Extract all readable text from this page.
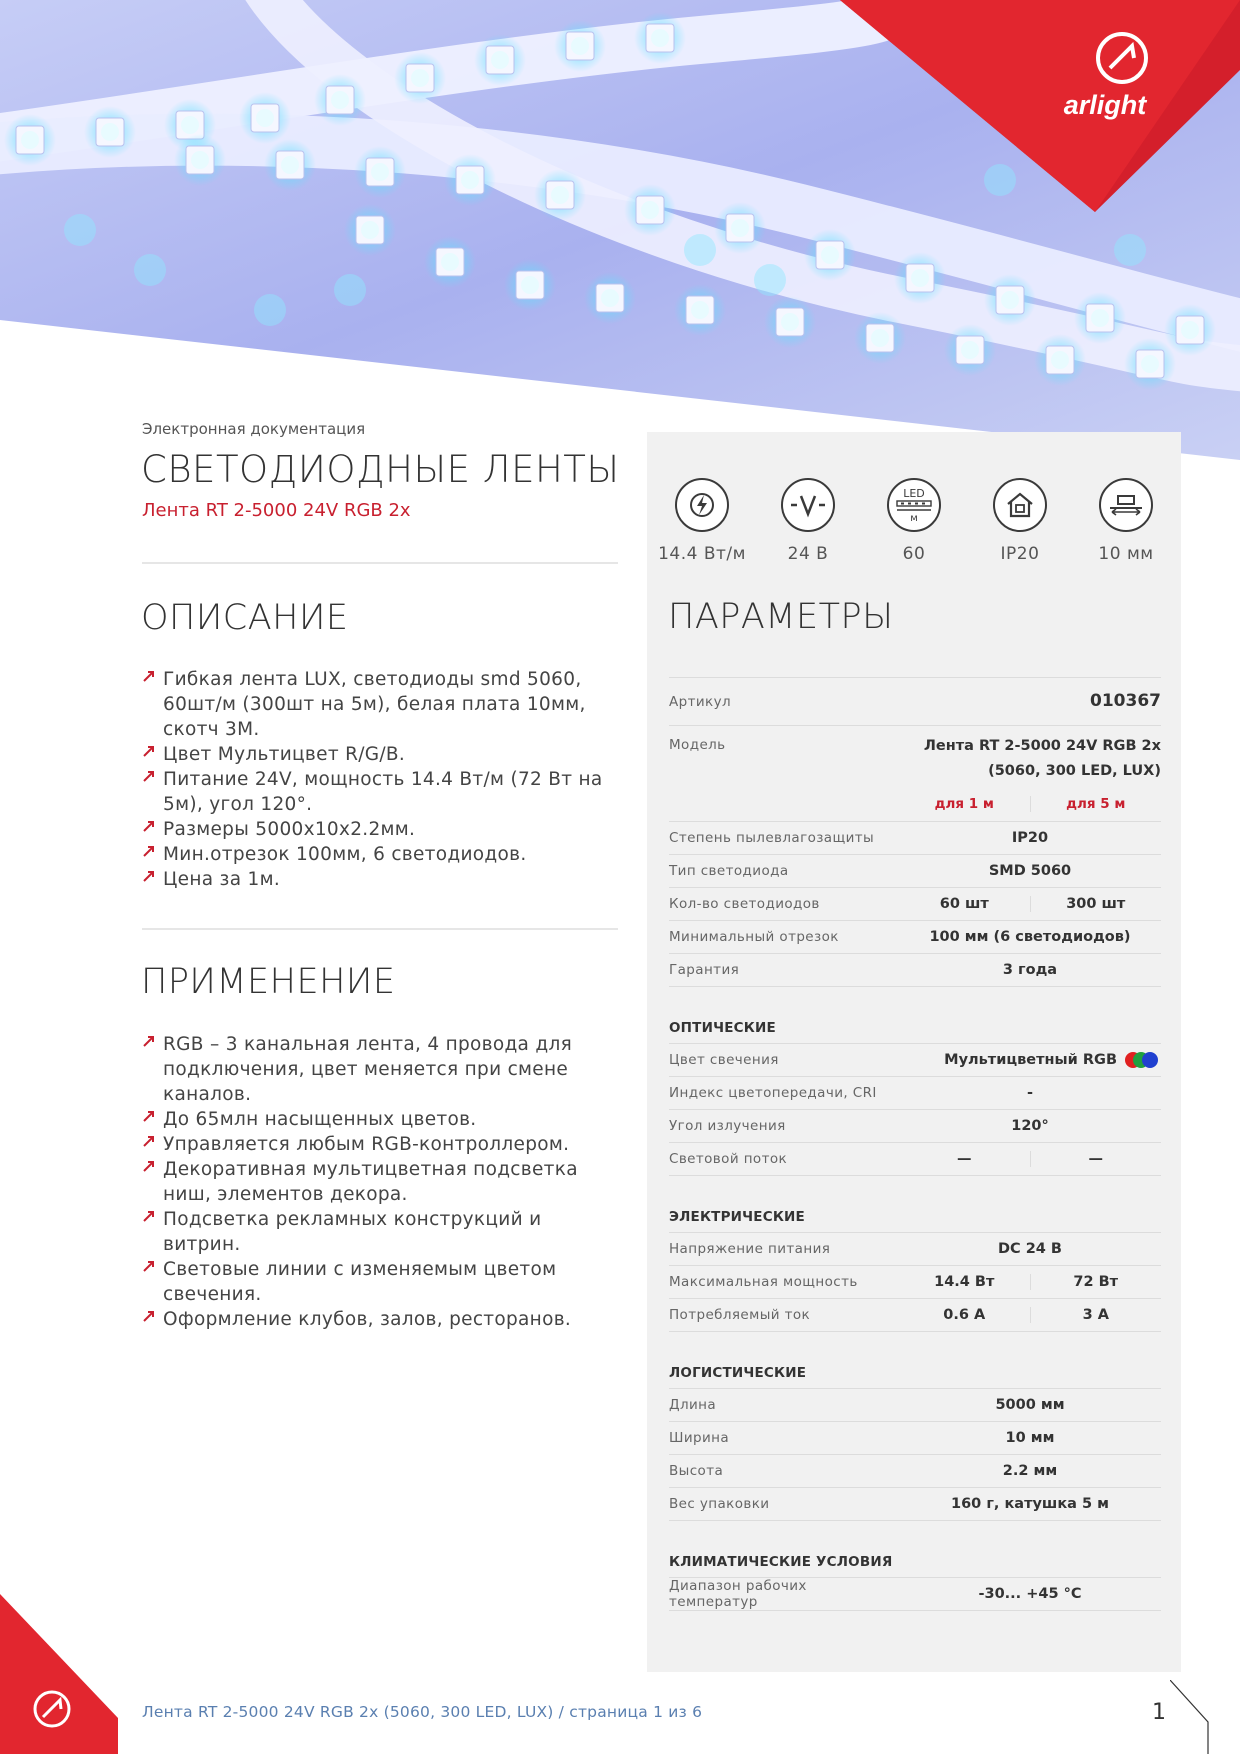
arlight
Электронная документация
СВЕТОДИОДНЫЕ ЛЕНТЫ
Лента RT 2-5000 24V RGB 2x
ОПИСАНИЕ
Гибкая лента LUX, светодиоды smd 5060, 60шт/м (300шт на 5м), белая плата 10мм, скотч 3М.
Цвет Мультицвет R/G/B.
Питание 24V, мощность 14.4 Вт/м (72 Вт на 5м), угол 120°.
Размеры 5000x10x2.2мм.
Мин.отрезок 100мм, 6 светодиодов.
Цена за 1м.
ПРИМЕНЕНИЕ
RGB – 3 канальная лента, 4 провода для подключения, цвет меняется при смене каналов.
До 65млн насыщенных цветов.
Управляется любым RGB-контроллером.
Декоративная мультицветная подсветка ниш, элементов декора.
Подсветка рекламных конструкций и витрин.
Световые линии с изменяемым цветом свечения.
Оформление клубов, залов, ресторанов.
14.4 Вт/м	24 В
LED
м
60	IP20	10 мм
ПАРАМЕТРЫ
Артикул	010367
Модель	Лента RT 2-5000 24V RGB 2x
(5060, 300 LED, LUX)
для 1 м	для 5 м
Степень пылевлагозащиты	IP20
Тип светодиода	SMD 5060
Кол-во светодиодов	60 шт	300 шт
Минимальный отрезок	100 мм (6 светодиодов)
Гарантия	3 года
ОПТИЧЕСКИЕ
Цвет свечения	Мультицветный RGB
Индекс цветопередачи, CRI	-
Угол излучения	120°
Световой поток	—	—
ЭЛЕКТРИЧЕСКИЕ
Напряжение питания	DC 24 В
Максимальная мощность	14.4 Вт	72 Вт
Потребляемый ток	0.6 А	3 А
ЛОГИСТИЧЕСКИЕ
Длина	5000 мм
Ширина	10 мм
Высота	2.2 мм
Вес упаковки	160 г, катушка 5 м
КЛИМАТИЧЕСКИЕ УСЛОВИЯ
Диапазон рабочих температур	-30... +45 °C
Лента RT 2-5000 24V RGB 2x (5060, 300 LED, LUX) / страница 1 из 6	1
